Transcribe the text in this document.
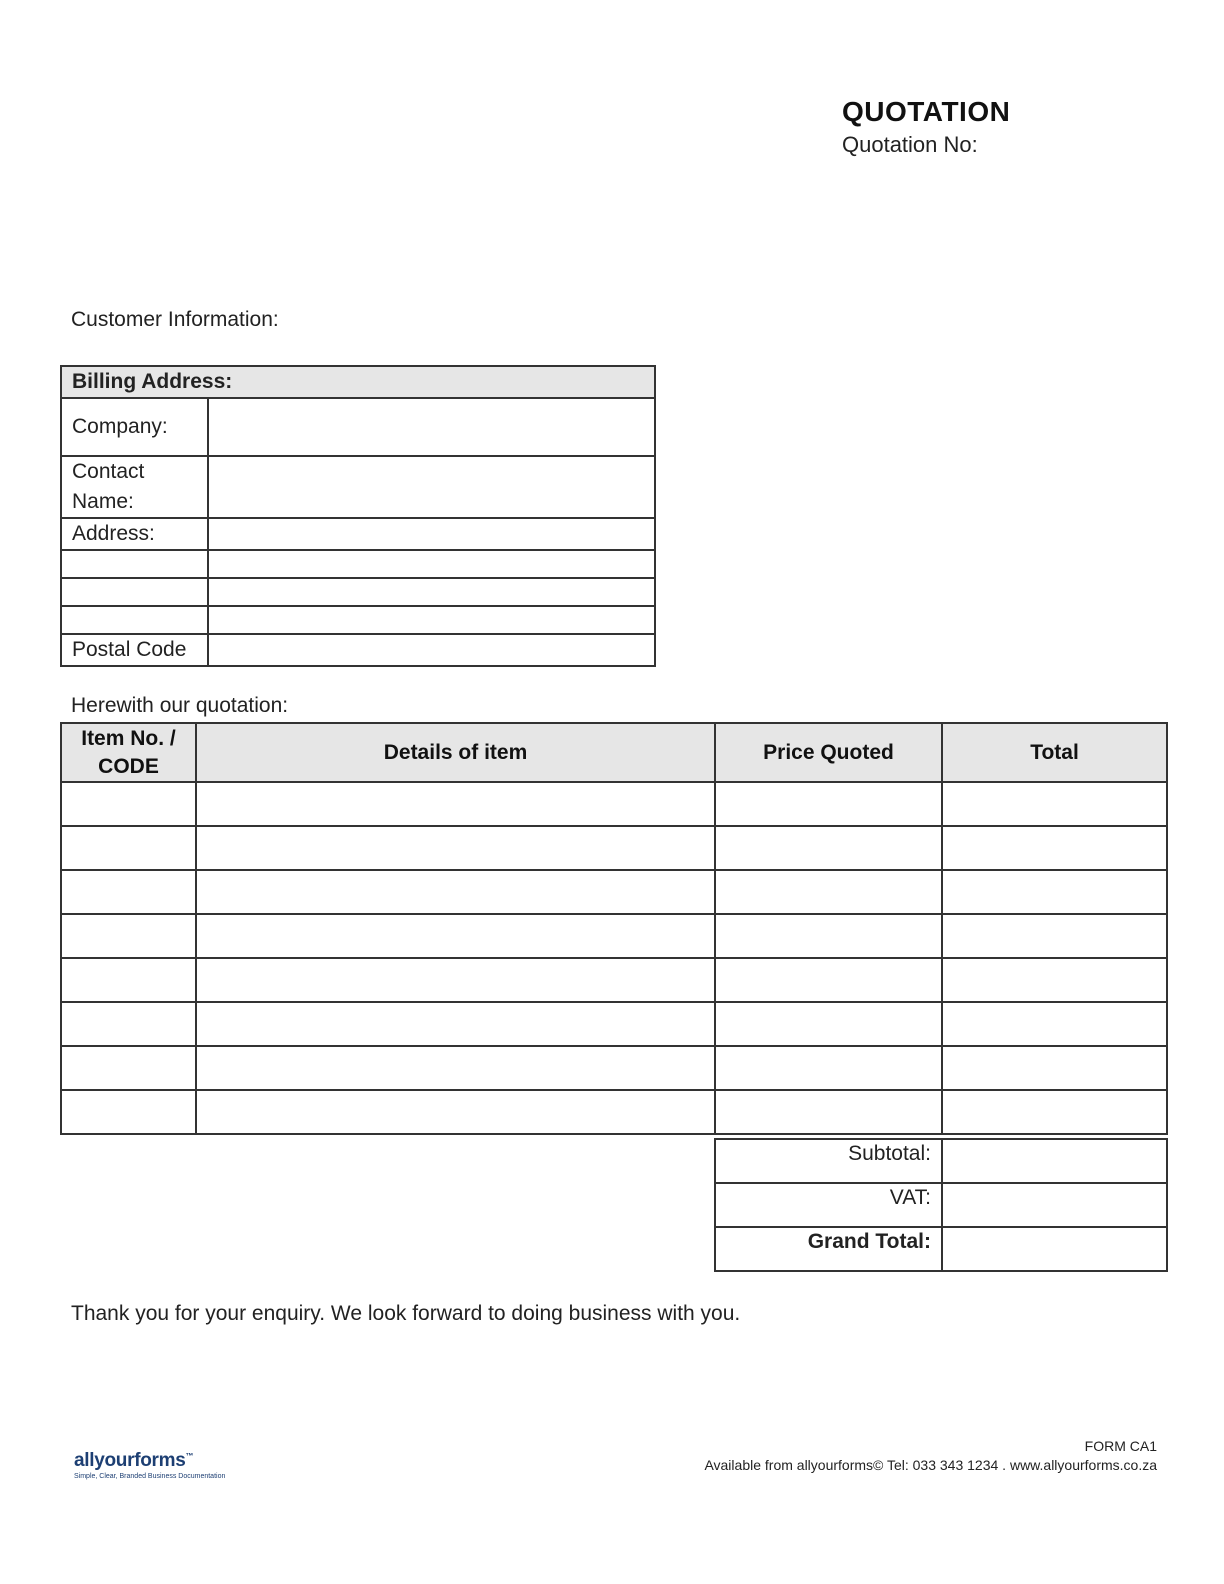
QUOTATION
Quotation No:
Customer Information:
Billing Address:	
Company:	
Contact Name:	
Address:	

Postal Code	
Herewith our quotation:
Item No. / CODE	Details of item	Price Quoted	Total

Subtotal:	
VAT:	
Grand Total:	
Thank you for your enquiry. We look forward to doing business with you.
allyourforms™
Simple, Clear, Branded Business Documentation
FORM CA1
Available from allyourforms© Tel: 033 343 1234 . www.allyourforms.co.za
